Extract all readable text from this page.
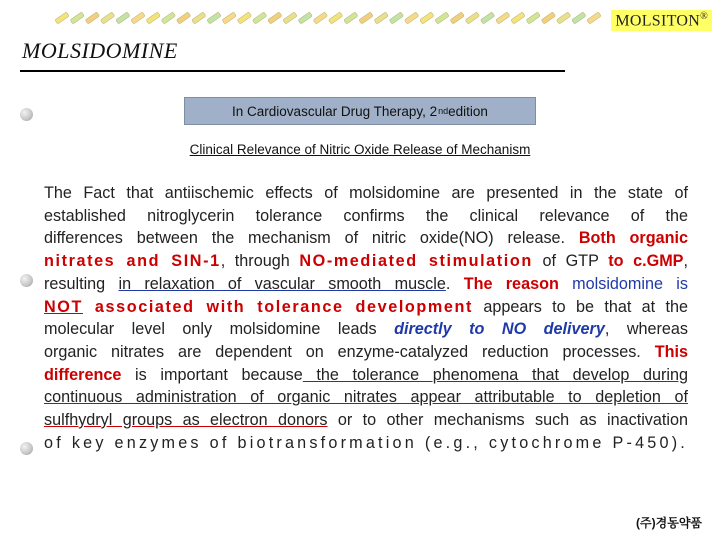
MOLSITON®
MOLSIDOMINE
In Cardiovascular Drug Therapy, 2 nd edition
Clinical Relevance of Nitric Oxide Release of Mechanism
The Fact that antiischemic effects of molsidomine are presented in the state of
established nitroglycerin tolerance confirms the clinical relevance of the
differences between the mechanism of nitric oxide(NO) release. Both organic
nitrates and SIN-1, through NO-mediated stimulation of GTP to c.GMP,
resulting in relaxation of vascular smooth muscle. The reason molsidomine is
NOT associated with tolerance development appears to be that at the
molecular level only molsidomine leads directly to NO delivery, whereas
organic nitrates are dependent on enzyme-catalyzed reduction processes. This
difference is important because the tolerance phenomena that develop during
continuous administration of organic nitrates appear attributable to depletion of
sulfhydryl groups as electron donors or to other mechanisms such as inactivation
of key enzymes of biotransformation (e.g., cytochrome P-450).
(주)경동약품
